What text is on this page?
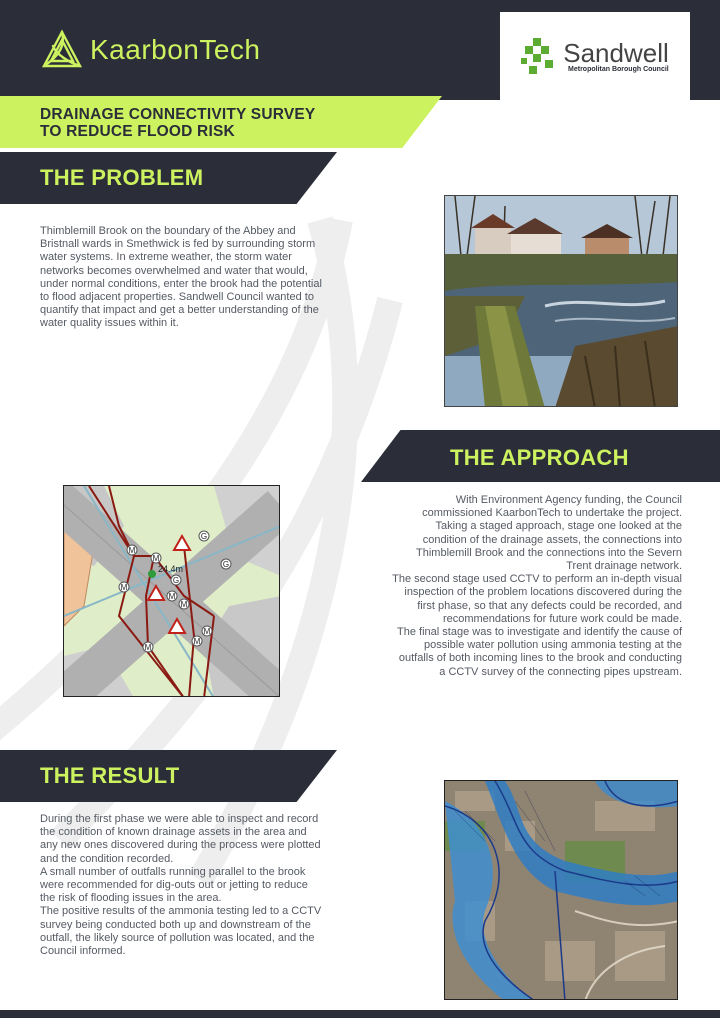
KaarbonTech	Sandwell
Metropolitan Borough Council
DRAINAGE CONNECTIVITY SURVEY
TO REDUCE FLOOD RISK
THE PROBLEM
Thimblemill Brook on the boundary of the Abbey and Bristnall wards in Smethwick is fed by surrounding storm water systems. In extreme weather, the storm water networks becomes overwhelmed and water that would, under normal conditions, enter the brook had the potential to flood adjacent properties. Sandwell Council wanted to quantify that impact and get a better understanding of the water quality issues within it.
THE APPROACH
M
M
M
M
M
M
M
M
G
G
G
24.4m

With Environment Agency funding, the Council commissioned KaarbonTech to undertake the project.

Taking a staged approach, stage one looked at the condition of the drainage assets, the connections into Thimblemill Brook and the connections into the Severn Trent drainage network.

The second stage used CCTV to perform an in-depth visual inspection of the problem locations discovered during the first phase, so that any defects could be recorded, and recommendations for future work could be made.

The final stage was to investigate and identify the cause of possible water pollution using ammonia testing at the outfalls of both incoming lines to the brook and conducting a CCTV survey of the connecting pipes upstream.

THE RESULT

During the first phase we were able to inspect and record the condition of known drainage assets in the area and any new ones discovered during the process were plotted and the condition recorded.

A small number of outfalls running parallel to the brook were recommended for dig-outs out or jetting to reduce the risk of flooding issues in the area.

The positive results of the ammonia testing led to a CCTV survey being conducted both up and downstream of the outfall, the likely source of pollution was located, and the Council informed.
